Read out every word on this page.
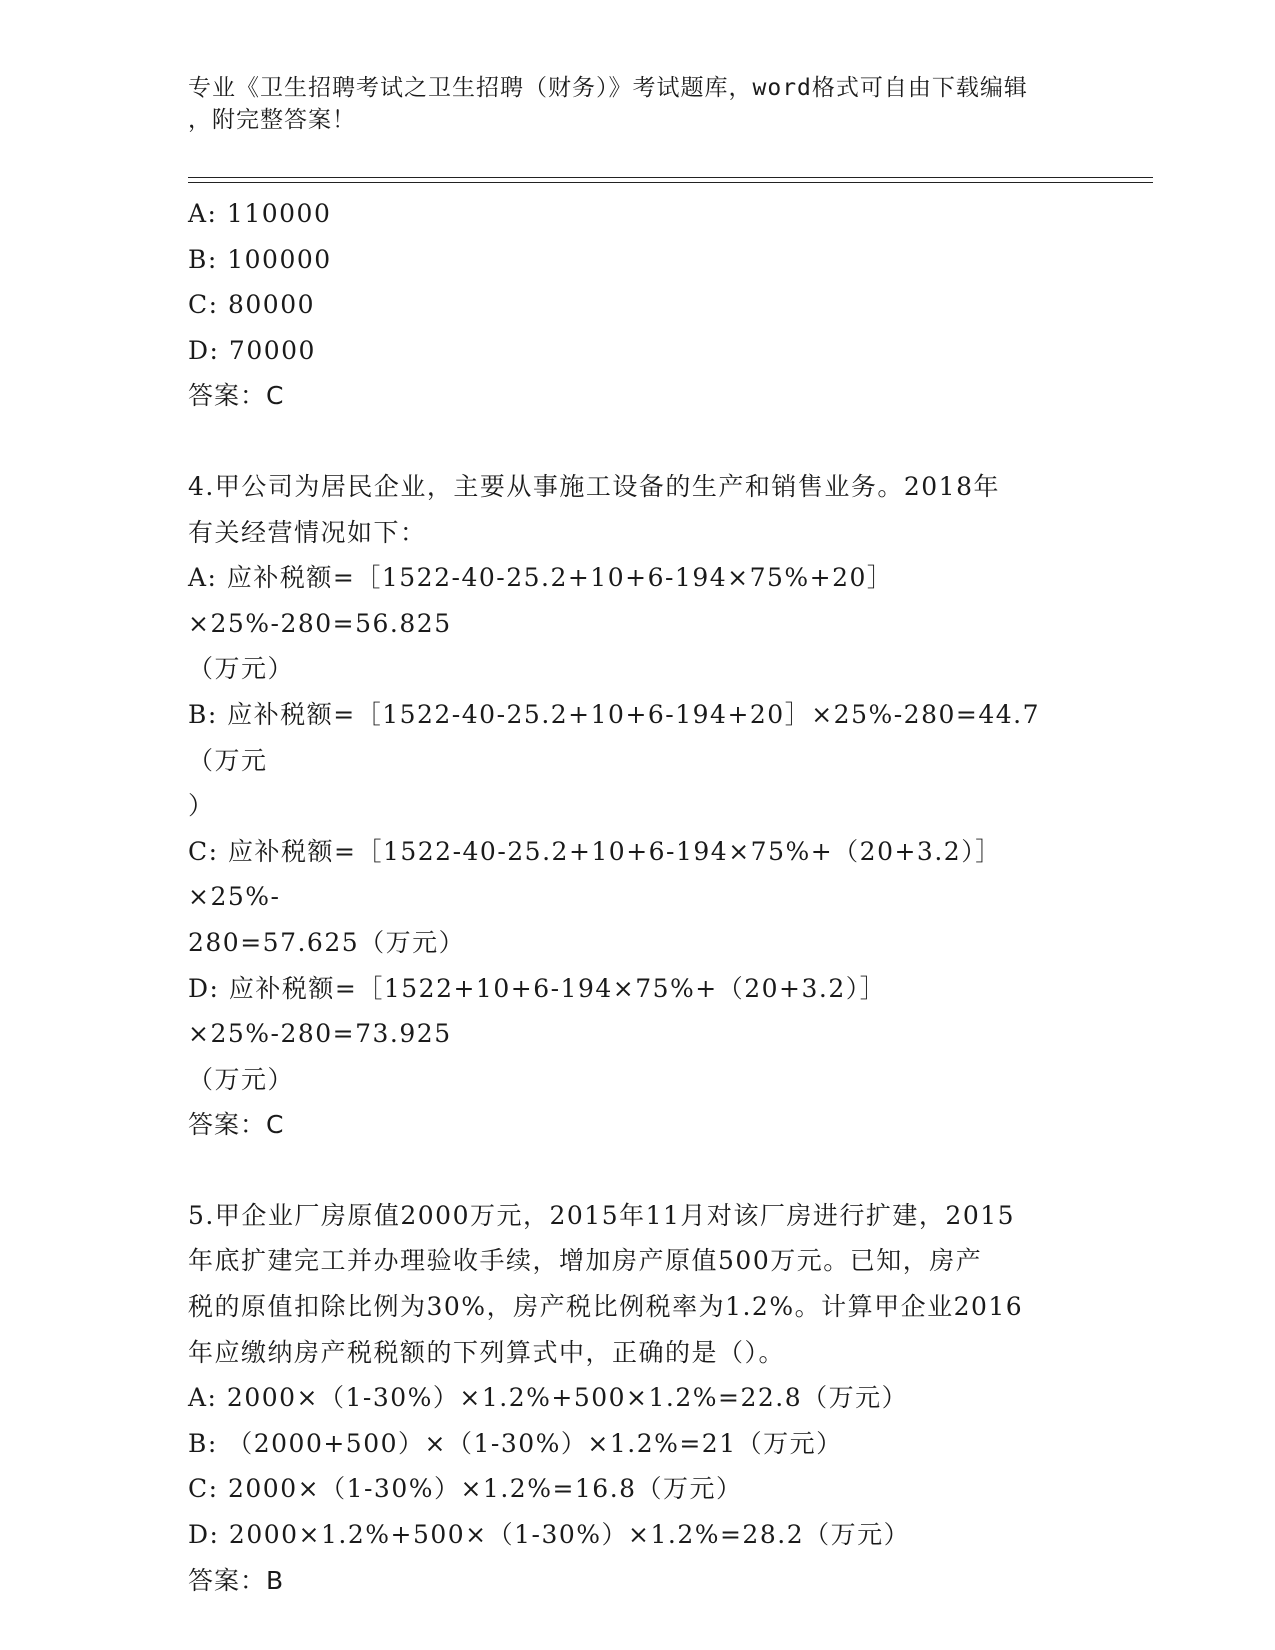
专业《卫生招聘考试之卫生招聘（财务）》考试题库，word格式可自由下载编辑
，附完整答案！
A: 110000
B: 100000
C: 80000
D: 70000
答案：C
4.甲公司为居民企业，主要从事施工设备的生产和销售业务。2018年
有关经营情况如下：
A: 应补税额=［1522-40-25.2+10+6-194×75%+20］×25%-280=56.825
（万元）
B: 应补税额=［1522-40-25.2+10+6-194+20］×25%-280=44.7（万元
）
C: 应补税额=［1522-40-25.2+10+6-194×75%+（20+3.2）］×25%-
280=57.625（万元）
D: 应补税额=［1522+10+6-194×75%+（20+3.2）］×25%-280=73.925
（万元）
答案：C
5.甲企业厂房原值2000万元，2015年11月对该厂房进行扩建，2015
年底扩建完工并办理验收手续，增加房产原值500万元。已知，房产
税的原值扣除比例为30%，房产税比例税率为1.2%。计算甲企业2016
年应缴纳房产税税额的下列算式中，正确的是（）。
A: 2000×（1-30%）×1.2%+500×1.2%=22.8（万元）
B: （2000+500）×（1-30%）×1.2%=21（万元）
C: 2000×（1-30%）×1.2%=16.8（万元）
D: 2000×1.2%+500×（1-30%）×1.2%=28.2（万元）
答案：B
